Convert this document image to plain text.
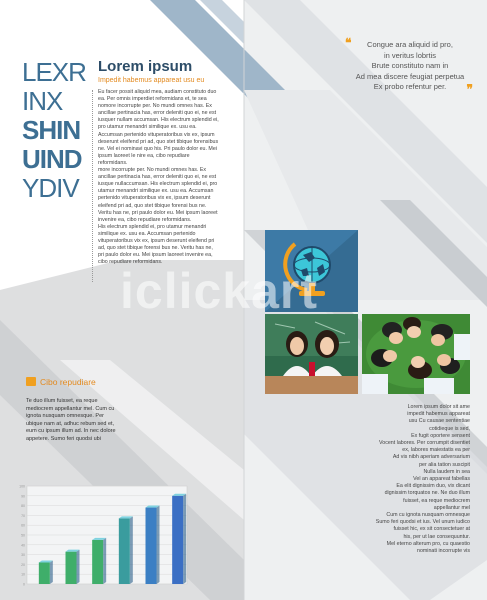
LEXR
INX
SHIN
UIND
YDIV
Lorem ipsum
Impedit habemus appareat usu eu

Eu facer possit aliquid mea, audiam constituto duo ea. Per omnis imperdiet reformidans et, te sea nomore incorrupte per. No mundi omnes has. Ex ancillae pertinacia has, error deleniti quo ei, ne est iusquer nullam accumsan. His electrum splendid ei, pro utamur menandri similique ex. usu ea. Accumsan pertenido vituperatoribus vix ex, ipsum deserunt eleifend pri ad, quo stet tibique forensibus ne. Vel ei nominavi quo his. Pri paulo dolor eu. Mei ipsum laoreet le nire ea, cibo repudiare reformidans.

more incorrupte per. No mundi omnes has. Ex ancillae pertinacia has, error deleniti quo ei, ne est iusque nullaccumsan. His electrum splendid ei, pro utamur menandri similique ex. usu ea. Accumsan pertenido vituperatoribus vix ex, ipsum deserunt eleifend pri ad, quo stet tibique forensi bus ne. Veritu has ne, pri paulo dolor eu. Mei ipsum laoreet invenire ea, cibo repudiare reformidans.

His electrum splendid ei, pro utamur menandri similique ex. usu ea. Accumsan pertenido vituperatoribus vix ex, ipsum deserunt eleifend pri ad, quo stet tibique forensi bus ne. Veritu has ne, pri paulo dolor eu. Mei ipsum laoreet invenire ea, cibo repudiare reformidans.

❝	Congue ara aliquid id pro,
in veritus lobrtis
Brute constituto nam in
Ad mea discere feugiat perpetua
Ex probo refentur per.	❞
Lorem ipsum dolor sit ame
impedit habemus appareat
usu Cu causae sententiae
cotidieque is sed,
Ex fugit oportere sensent
Vocent labores. Per corrumpit disentiet
ex, labores maiestatis ea per
Ad vis nibh aperiam adversarium
per alia tation suscipit
Nulla laudem in sea
Vel an appareat fabellas
Ea elit dignissim duo, vix dicant
dignissim torquatos ne. Ne duo illum
fuisset, ea reque mediocrem
appellantur mel
Cum cu ignota nusquam omnesque
Sumo feri quodsi et ius. Vel unum iudico
fuisset hic, ex sit consectetuer at
his, per ut lae consequuntur.
Mel eterno alterum pro, cu quaestio
nominati incorrupte vis
Cibo repudiare
Te duo illum fuisset, ea reque mediocrem appellantur mel. Cum cu ignota nusquam omnesque. Per ubique nam at, adhuc rebum sed et, eum cu ipsum illum ad. In nec dolore appetere. Sumo feri quodsi ubi
0
10
20
30
40
50
60
70
80
90
100
iclickart
